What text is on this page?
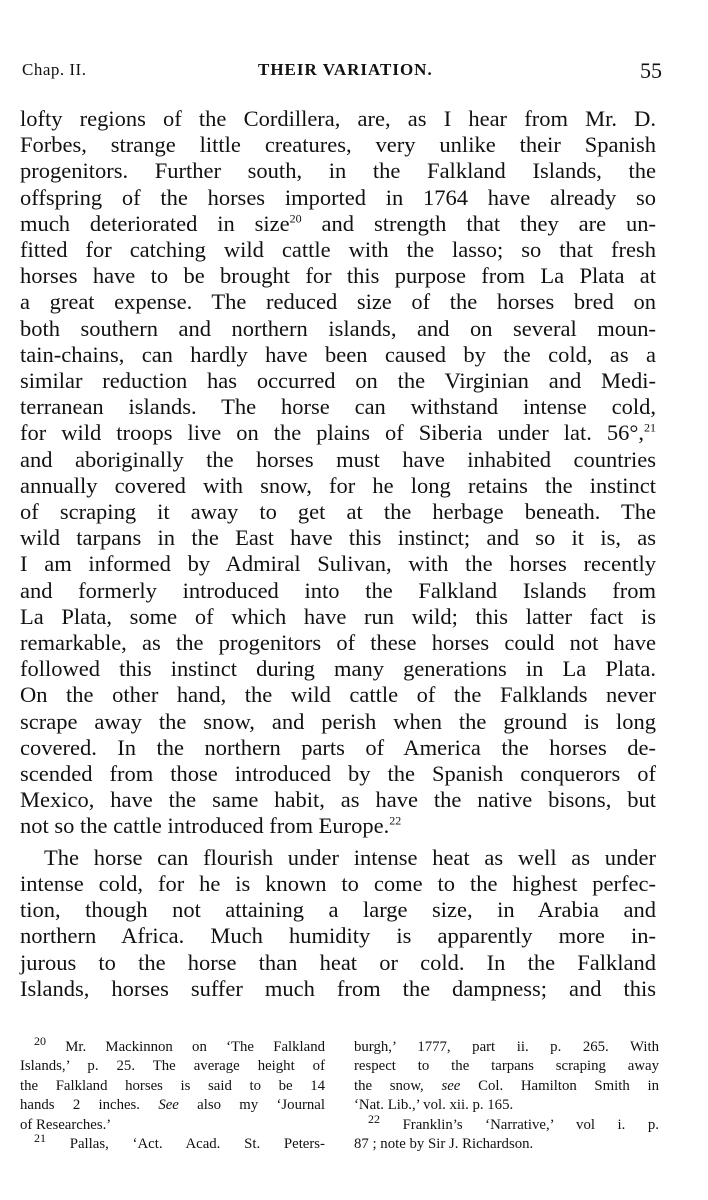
Chap. II.	THEIR VARIATION.	55
lofty regions of the Cordillera, are, as I hear from Mr. D.
Forbes, strange little creatures, very unlike their Spanish
progenitors. Further south, in the Falkland Islands, the
offspring of the horses imported in 1764 have already so
much deteriorated in size$^{20}$ and strength that they are un-
fitted for catching wild cattle with the lasso; so that fresh
horses have to be brought for this purpose from La Plata at
a great expense. The reduced size of the horses bred on
both southern and northern islands, and on several moun-
tain-chains, can hardly have been caused by the cold, as a
similar reduction has occurred on the Virginian and Medi-
terranean islands. The horse can withstand intense cold,
for wild troops live on the plains of Siberia under lat. 56°,$^{21}$
and aboriginally the horses must have inhabited countries
annually covered with snow, for he long retains the instinct
of scraping it away to get at the herbage beneath. The
wild tarpans in the East have this instinct; and so it is, as
I am informed by Admiral Sulivan, with the horses recently
and formerly introduced into the Falkland Islands from
La Plata, some of which have run wild; this latter fact is
remarkable, as the progenitors of these horses could not have
followed this instinct during many generations in La Plata.
On the other hand, the wild cattle of the Falklands never
scrape away the snow, and perish when the ground is long
covered. In the northern parts of America the horses de-
scended from those introduced by the Spanish conquerors of
Mexico, have the same habit, as have the native bisons, but
not so the cattle introduced from Europe.$^{22}$
The horse can flourish under intense heat as well as under
intense cold, for he is known to come to the highest perfec-
tion, though not attaining a large size, in Arabia and
northern Africa. Much humidity is apparently more in-
jurous to the horse than heat or cold. In the Falkland
Islands, horses suffer much from the dampness; and this
$^{20}$ Mr. Mackinnon on ‘The Falkland
Islands,’ p. 25. The average height of
the Falkland horses is said to be 14
hands 2 inches. See also my ‘Journal
of Researches.’
$^{21}$ Pallas, ‘Act. Acad. St. Peters-
burgh,’ 1777, part ii. p. 265. With
respect to the tarpans scraping away
the snow, see Col. Hamilton Smith in
‘Nat. Lib.,’ vol. xii. p. 165.
$^{22}$ Franklin’s ‘Narrative,’ vol i. p.
87 ; note by Sir J. Richardson.
